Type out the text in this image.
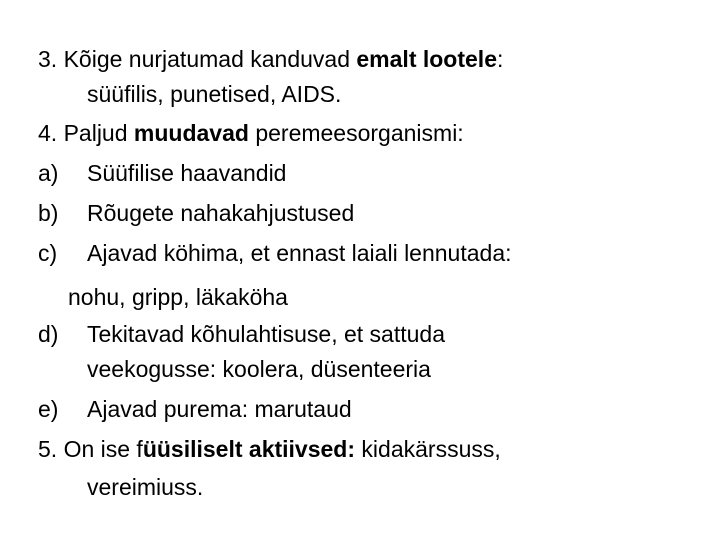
3. Kõige nurjatumad kanduvad emalt lootele:
süüfilis, punetised, AIDS.
4. Paljud muudavad peremeesorganismi:
a) Süüfilise haavandid
b) Rõugete nahakahjustused
c) Ajavad köhima, et ennast laiali lennutada:
nohu, gripp, läkaköha
d) Tekitavad kõhulahtisuse, et sattuda
veekogusse: koolera, düsenteeria
e) Ajavad purema: marutaud
5. On ise füüsiliselt aktiivsed: kidakärssuss,
vereimiuss.
